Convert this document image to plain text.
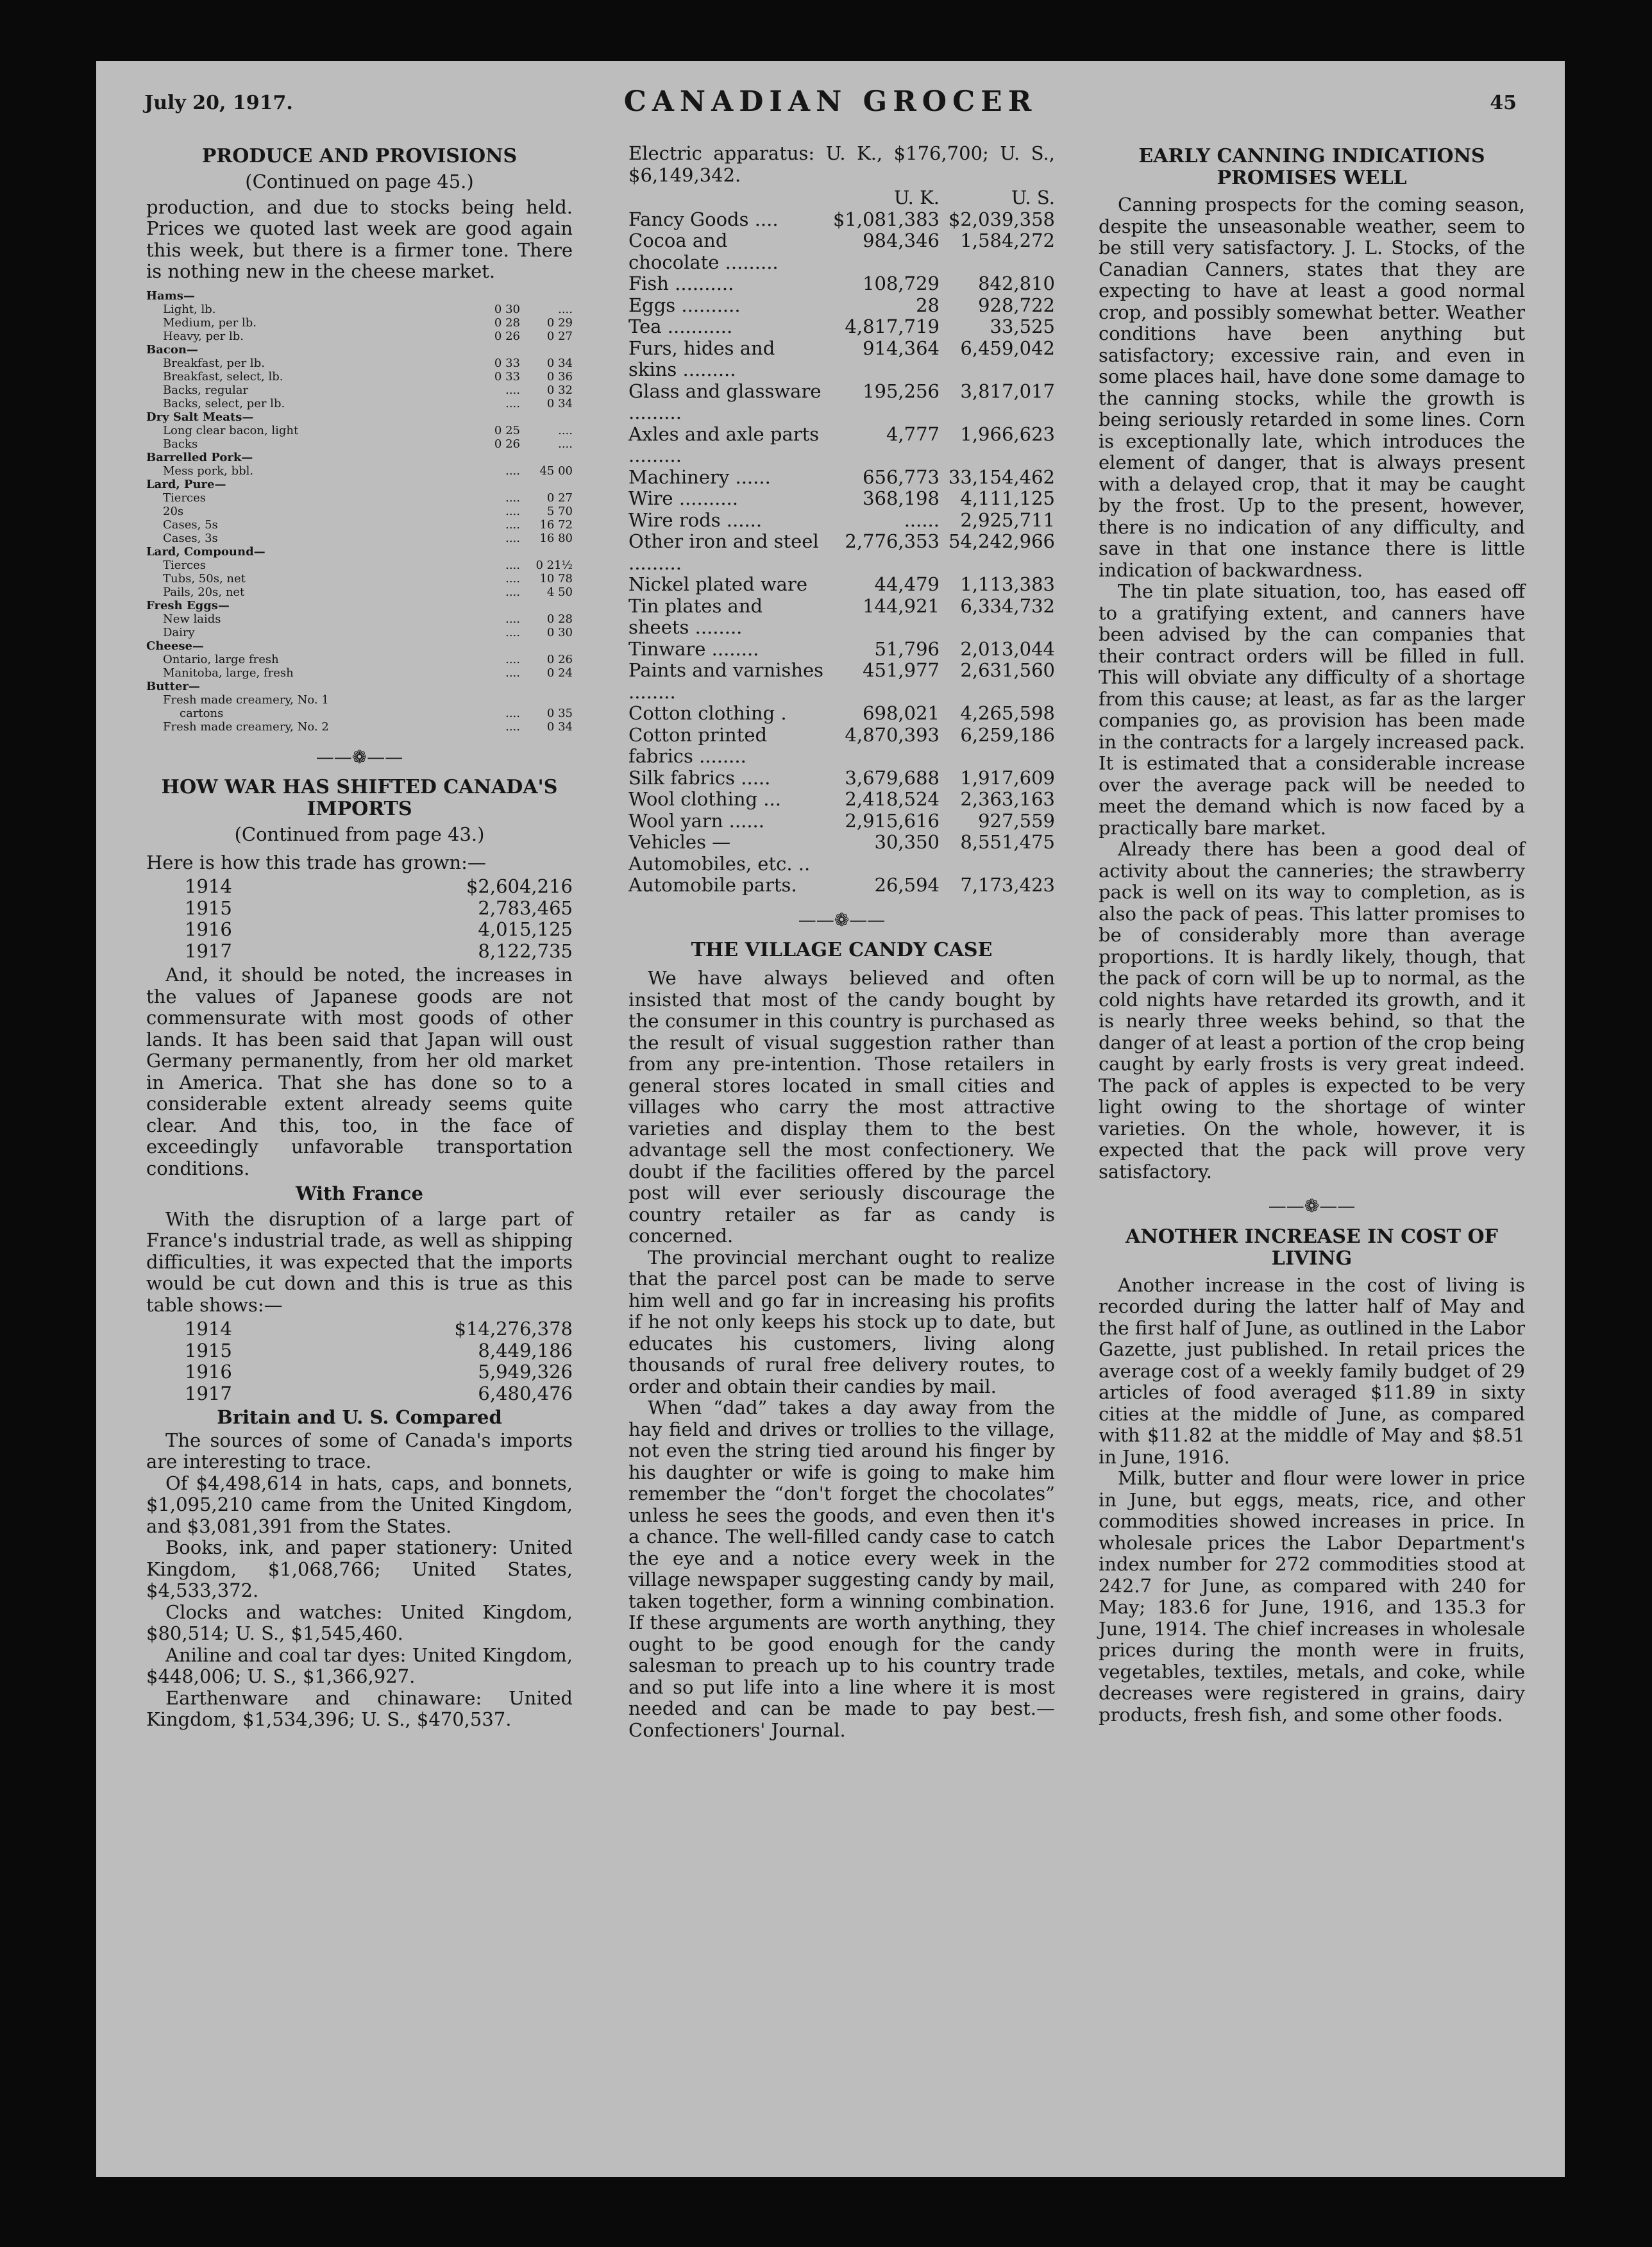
July 20, 1917.	CANADIAN GROCER	45
PRODUCE AND PROVISIONS
(Continued on page 45.)

production, and due to stocks being held. Prices we quoted last week are good again this week, but there is a firmer tone. There is nothing new in the cheese market.

Hams—
Light, lb.	0 30	....
Medium, per lb.	0 28	0 29
Heavy, per lb.	0 26	0 27
Bacon—
Breakfast, per lb.	0 33	0 34
Breakfast, select, lb.	0 33	0 36
Backs, regular	....	0 32
Backs, select, per lb.	....	0 34
Dry Salt Meats—
Long clear bacon, light	0 25	....
Backs	0 26	....
Barrelled Pork—
Mess pork, bbl.	....	45 00
Lard, Pure—
Tierces	....	0 27
20s	....	5 70
Cases, 5s	....	16 72
Cases, 3s	....	16 80
Lard, Compound—
Tierces	....	0 21½
Tubs, 50s, net	....	10 78
Pails, 20s, net	....	4 50
Fresh Eggs—
New laids	....	0 28
Dairy	....	0 30
Cheese—
Ontario, large fresh	....	0 26
Manitoba, large, fresh	....	0 24
Butter—
Fresh made creamery, No. 1
cartons	....	0 35
Fresh made creamery, No. 2	....	0 34
——❁——
HOW WAR HAS SHIFTED CANADA'S IMPORTS
(Continued from page 43.)

Here is how this trade has grown:—

1914	$2,604,216
1915	2,783,465
1916	4,015,125
1917	8,122,735

And, it should be noted, the increases in the values of Japanese goods are not commensurate with most goods of other lands. It has been said that Japan will oust Germany permanently, from her old market in America. That she has done so to a considerable extent already seems quite clear. And this, too, in the face of exceedingly unfavorable transportation conditions.

With France

With the disruption of a large part of France's industrial trade, as well as shipping difficulties, it was expected that the imports would be cut down and this is true as this table shows:—

1914	$14,276,378
1915	8,449,186
1916	5,949,326
1917	6,480,476
Britain and U. S. Compared

The sources of some of Canada's imports are interesting to trace.

Of $4,498,614 in hats, caps, and bonnets, $1,095,210 came from the United Kingdom, and $3,081,391 from the States.

Books, ink, and paper stationery: United Kingdom, $1,068,766; United States, $4,533,372.

Clocks and watches: United Kingdom, $80,514; U. S., $1,545,460.

Aniline and coal tar dyes: United Kingdom, $448,006; U. S., $1,366,927.

Earthenware and chinaware: United Kingdom, $1,534,396; U. S., $470,537.

Electric apparatus: U. K., $176,700; U. S., $6,149,342.

U. K.	U. S.
Fancy Goods ....	$1,081,383 $2,039,358
Cocoa and chocolate .........
984,346	1,584,272
Fish ..........	108,729	842,810
Eggs ..........	28	928,722
Tea ...........	4,817,719	33,525
Furs, hides and skins .........
914,364	6,459,042
Glass and glassware .........
195,256	3,817,017
Axles and axle parts .........
4,777	1,966,623
Machinery ......	656,773 33,154,462
Wire ..........	368,198	4,111,125
Wire rods ......	......	2,925,711
Other iron and steel .........
2,776,353 54,242,966
Nickel plated ware	44,479	1,113,383
Tin plates and sheets ........
144,921	6,334,732
Tinware ........	51,796	2,013,044
Paints and varnishes ........
451,977	2,631,560
Cotton clothing .	698,021	4,265,598
Cotton printed fabrics ........
4,870,393	6,259,186
Silk fabrics .....	3,679,688	1,917,609
Wool clothing ...	2,418,524	2,363,163
Wool yarn ......	2,915,616	927,559
Vehicles — Automobiles, etc. ..
30,350	8,551,475
Automobile parts.	26,594	7,173,423
——❁——
THE VILLAGE CANDY CASE

We have always believed and often insisted that most of the candy bought by the consumer in this country is purchased as the result of visual suggestion rather than from any pre-intention. Those retailers in general stores located in small cities and villages who carry the most attractive varieties and display them to the best advantage sell the most confectionery. We doubt if the facilities offered by the parcel post will ever seriously discourage the country retailer as far as candy is concerned.

The provincial merchant ought to realize that the parcel post can be made to serve him well and go far in increasing his profits if he not only keeps his stock up to date, but educates his customers, living along thousands of rural free delivery routes, to order and obtain their candies by mail.

When “dad” takes a day away from the hay field and drives or trollies to the village, not even the string tied around his finger by his daughter or wife is going to make him remember the “don't forget the chocolates” unless he sees the goods, and even then it's a chance. The well-filled candy case to catch the eye and a notice every week in the village newspaper suggesting candy by mail, taken together, form a winning combination. If these arguments are worth anything, they ought to be good enough for the candy salesman to preach up to his country trade and so put life into a line where it is most needed and can be made to pay best.—Confectioners' Journal.

EARLY CANNING INDICATIONS PROMISES WELL

Canning prospects for the coming season, despite the unseasonable weather, seem to be still very satisfactory. J. L. Stocks, of the Canadian Canners, states that they are expecting to have at least a good normal crop, and possibly somewhat better. Weather conditions have been anything but satisfactory; excessive rain, and even in some places hail, have done some damage to the canning stocks, while the growth is being seriously retarded in some lines. Corn is exceptionally late, which introduces the element of danger, that is always present with a delayed crop, that it may be caught by the frost. Up to the present, however, there is no indication of any difficulty, and save in that one instance there is little indication of backwardness.

The tin plate situation, too, has eased off to a gratifying extent, and canners have been advised by the can companies that their contract orders will be filled in full. This will obviate any difficulty of a shortage from this cause; at least, as far as the larger companies go, as provision has been made in the contracts for a largely increased pack. It is estimated that a considerable increase over the average pack will be needed to meet the demand which is now faced by a practically bare market.

Already there has been a good deal of activity about the canneries; the strawberry pack is well on its way to completion, as is also the pack of peas. This latter promises to be of considerably more than average proportions. It is hardly likely, though, that the pack of corn will be up to normal, as the cold nights have retarded its growth, and it is nearly three weeks behind, so that the danger of at least a portion of the crop being caught by early frosts is very great indeed. The pack of apples is expected to be very light owing to the shortage of winter varieties. On the whole, however, it is expected that the pack will prove very satisfactory.

——❁——
ANOTHER INCREASE IN COST OF LIVING

Another increase in the cost of living is recorded during the latter half of May and the first half of June, as outlined in the Labor Gazette, just published. In retail prices the average cost of a weekly family budget of 29 articles of food averaged $11.89 in sixty cities at the middle of June, as compared with $11.82 at the middle of May and $8.51 in June, 1916.

Milk, butter and flour were lower in price in June, but eggs, meats, rice, and other commodities showed increases in price. In wholesale prices the Labor Department's index number for 272 commodities stood at 242.7 for June, as compared with 240 for May; 183.6 for June, 1916, and 135.3 for June, 1914. The chief increases in wholesale prices during the month were in fruits, vegetables, textiles, metals, and coke, while decreases were registered in grains, dairy products, fresh fish, and some other foods.
